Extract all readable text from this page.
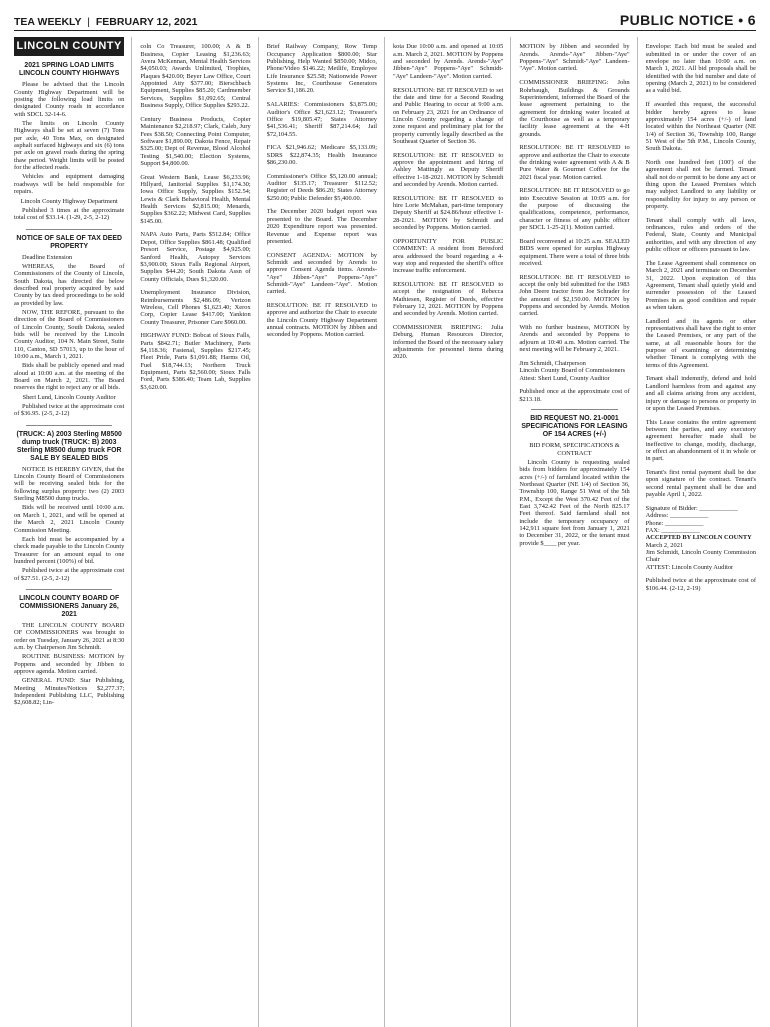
TEA WEEKLY | FEBRUARY 12, 2021	PUBLIC NOTICE • 6
LINCOLN COUNTY
2021 SPRING LOAD LIMITS LINCOLN COUNTY HIGHWAYS

Please be advised that the Lincoln County Highway Department will be posting the following load limits on designated County roads in accordance with SDCL 32-14-6.

The limits on Lincoln County Highways shall be set at seven (7) Tons per axle, 40 Tons Max, on designated asphalt surfaced highways and six (6) tons per axle on gravel roads during the spring thaw period. Weight limits will be posted for the affected roads.

Vehicles and equipment damaging roadways will be held responsible for repairs.

Lincoln County Highway Department

Published 3 times at the approximate total cost of $33.14. (1-29, 2-5, 2-12)

NOTICE OF SALE OF TAX DEED PROPERTY

Deadline Extension

WHEREAS, the Board of Commissioners of the County of Lincoln, South Dakota, has directed the below described real property acquired by said County by tax deed proceedings to be sold as provided by law.

NOW, THE REFORE, pursuant to the direction of the Board of Commissioners of Lincoln County, South Dakota, sealed bids will be received by the Lincoln County Auditor, 104 N. Main Street, Suite 110, Canton, SD 57013, up to the hour of 10:00 a.m., March 1, 2021.

Bids shall be publicly opened and read aloud at 10:00 a.m. at the meeting of the Board on March 2, 2021. The Board reserves the right to reject any or all bids.

Sheri Lund, Lincoln County Auditor

Published twice at the approximate cost of $36.95. (2-5, 2-12)

(TRUCK: A) 2003 Sterling M8500 dump truck (TRUCK: B) 2003 Sterling M8500 dump truck FOR SALE BY SEALED BIDS

NOTICE IS HEREBY GIVEN, that the Lincoln County Board of Commissioners will be receiving sealed bids for the following surplus property: two (2) 2003 Sterling M8500 dump trucks.

Bids will be received until 10:00 a.m. on March 1, 2021, and will be opened at the March 2, 2021 Lincoln County Commission Meeting.

Each bid must be accompanied by a check made payable to the Lincoln County Treasurer for an amount equal to one hundred percent (100%) of bid.

Published twice at the approximate cost of $27.51. (2-5, 2-12)

LINCOLN COUNTY BOARD OF COMMISSIONERS January 26, 2021

THE LINCOLN COUNTY BOARD OF COMMISSIONERS was brought to order on Tuesday, January 26, 2021 at 8:30 a.m. by Chairperson Jim Schmidt.

ROUTINE BUSINESS: MOTION by Poppens and seconded by Jibben to approve agenda. Motion carried.

GENERAL FUND: Star Publishing, Meeting Minutes/Notices $2,277.37; Independent Publishing LLC, Publishing $2,608.82; Lin-

coln Co Treasurer, 100.00; A & B Business, Copier Leasing $1,236.63; Avera McKennan, Mental Health Services $4,050.03; Awards Unlimited, Trophies, Plaques $420.00; Beyer Law Office, Court Appointed Atty $377.00; Bierschbach Equipment, Supplies $85.20; Cardmember Services, Supplies $1,092.65; Central Business Supply, Office Supplies $293.22.

Century Business Products, Copier Maintenance $2,218.97; Clark, Caleb, Jury Fees $38.50; Connecting Point Computer, Software $1,890.00; Dakota Fence, Repair $325.00; Dept of Revenue, Blood Alcohol Testing $1,540.00; Election Systems, Support $4,800.00.

Great Western Bank, Lease $6,233.96; Hillyard, Janitorial Supplies $1,174.30; Iowa Office Supply, Supplies $152.54; Lewis & Clark Behavioral Health, Mental Health Services $2,815.00; Menards, Supplies $362.22; Midwest Card, Supplies $145.00.

NAPA Auto Parts, Parts $512.84; Office Depot, Office Supplies $861.48; Qualified Presort Service, Postage $4,925.00; Sanford Health, Autopsy Services $3,900.00; Sioux Falls Regional Airport, Supplies $44.20; South Dakota Assn of County Officials, Dues $1,320.00.

Unemployment Insurance Division, Reimbursements $2,486.09; Verizon Wireless, Cell Phones $1,623.40; Xerox Corp, Copier Lease $417.00; Yankton County Treasurer, Prisoner Care $960.00.

HIGHWAY FUND: Bobcat of Sioux Falls, Parts $842.71; Butler Machinery, Parts $4,118.36; Fastenal, Supplies $217.45; Fleet Pride, Parts $1,091.88; Harms Oil, Fuel $18,744.13; Northern Truck Equipment, Parts $2,560.00; Sioux Falls Ford, Parts $386.40; Team Lab, Supplies $3,620.00.

Brief Railway Company, Row Temp Occupancy Application $800.00; Star Publishing, Help Wanted $850.00; Midco, Phone/Video $146.22; Metlife, Employee Life Insurance $25.58; Nationwide Power Systems Inc, Courthouse Generators Service $1,186.20.

SALARIES: Commissioners $3,875.00; Auditor's Office $21,623.12; Treasurer's Office $19,805.47; States Attorney $41,536.41; Sheriff $87,214.64; Jail $72,104.55.

FICA $21,946.62; Medicare $5,133.09; SDRS $22,874.35; Health Insurance $86,230.00.

Commissioner's Office $5,120.00 annual; Auditor $135.17; Treasurer $112.52; Register of Deeds $86.20; States Attorney $250.00; Public Defender $5,400.00.

The December 2020 budget report was presented to the Board. The December 2020 Expenditure report was presented. Revenue and Expense report was presented.

CONSENT AGENDA: MOTION by Schmidt and seconded by Arends to approve Consent Agenda items. Arends-"Aye" Jibben-"Aye" Poppens-"Aye" Schmidt-"Aye" Landeen-"Aye". Motion carried.

RESOLUTION: BE IT RESOLVED to approve and authorize the Chair to execute the Lincoln County Highway Department annual contracts. MOTION by Jibben and seconded by Poppens. Motion carried.

kota Due 10:00 a.m. and opened at 10:05 a.m. March 2, 2021. MOTION by Poppens and seconded by Arends. Arends-"Aye" Jibben-"Aye" Poppens-"Aye" Schmidt-"Aye" Landeen-"Aye". Motion carried.

RESOLUTION: BE IT RESOLVED to set the date and time for a Second Reading and Public Hearing to occur at 9:00 a.m. on February 23, 2021 for an Ordinance of Lincoln County regarding a change of zone request and preliminary plat for the property currently legally described as the Southeast Quarter of Section 36.

RESOLUTION: BE IT RESOLVED to approve the appointment and hiring of Ashley Mattingly as Deputy Sheriff effective 1-18-2021. MOTION by Schmidt and seconded by Arends. Motion carried.

RESOLUTION: BE IT RESOLVED to hire Lorie McMahan, part-time temporary Deputy Sheriff at $24.86/hour effective 1-28-2021. MOTION by Schmidt and seconded by Poppens. Motion carried.

OPPORTUNITY FOR PUBLIC COMMENT: A resident from Beresford area addressed the board regarding a 4-way stop and requested the sheriff's office increase traffic enforcement.

RESOLUTION: BE IT RESOLVED to accept the resignation of Rebecca Mathiesen, Register of Deeds, effective February 12, 2021. MOTION by Poppens and seconded by Arends. Motion carried.

COMMISSIONER BRIEFING: Julia Deburg, Human Resources Director, informed the Board of the necessary salary adjustments for personnel items during 2020.

MOTION by Jibben and seconded by Arends. Arends-"Aye" Jibben-"Aye" Poppens-"Aye" Schmidt-"Aye" Landeen-"Aye". Motion carried.

COMMISSIONER BRIEFING: John Rohrbaugh, Buildings & Grounds Superintendent, informed the Board of the lease agreement pertaining to the agreement for drinking water located at the Courthouse as well as a temporary facility lease agreement at the 4-H grounds.

RESOLUTION: BE IT RESOLVED to approve and authorize the Chair to execute the drinking water agreement with A & B Pure Water & Gourmet Coffee for the 2021 fiscal year. Motion carried.

RESOLUTION: BE IT RESOLVED to go into Executive Session at 10:05 a.m. for the purpose of discussing the qualifications, competence, performance, character or fitness of any public officer per SDCL 1-25-2(1). Motion carried.

Board reconvened at 10:25 a.m. SEALED BIDS were opened for surplus Highway equipment. There were a total of three bids received.

RESOLUTION: BE IT RESOLVED to accept the only bid submitted for the 1983 John Deere tractor from Joe Schrader for the amount of $2,150.00. MOTION by Poppens and seconded by Arends. Motion carried.

With no further business, MOTION by Arends and seconded by Poppens to adjourn at 10:40 a.m. Motion carried. The next meeting will be February 2, 2021.

Jim Schmidt, Chairperson

Lincoln County Board of Commissioners

Attest: Sheri Lund, County Auditor

Published once at the approximate cost of $213.18.

BID REQUEST NO. 21-0001 SPECIFICATIONS FOR LEASING OF 154 ACRES (+/-)

BID FORM, SPECIFICATIONS & CONTRACT

Lincoln County is requesting sealed bids from bidders for approximately 154 acres (+/-) of farmland located within the Northeast Quarter (NE 1/4) of Section 36, Township 100, Range 51 West of the 5th P.M., Except the West 370.42 Feet of the East 3,742.42 Feet of the North 825.17 Feet thereof. Said farmland shall not include the temporary occupancy of 142,911 square feet from January 1, 2021 to December 31, 2022, or the tenant must provide $____ per year.

Envelope: Each bid must be sealed and submitted in or under the cover of an envelope no later than 10:00 a.m. on March 1, 2021. All bid proposals shall be identified with the bid number and date of opening (March 2, 2021) to be considered as a valid bid.

If awarded this request, the successful bidder hereby agrees to lease approximately 154 acres (+/-) of land located within the Northeast Quarter (NE 1/4) of Section 36, Township 100, Range 51 West of the 5th P.M., Lincoln County, South Dakota.

North one hundred feet (100') of the agreement shall not be farmed. Tenant shall not do or permit to be done any act or thing upon the Leased Premises which may subject Landlord to any liability or responsibility for injury to any person or property.

Tenant shall comply with all laws, ordinances, rules and orders of the Federal, State, County and Municipal authorities, and with any direction of any public officer or officers pursuant to law.

The Lease Agreement shall commence on March 2, 2021 and terminate on December 31, 2022. Upon expiration of this Agreement, Tenant shall quietly yield and surrender possession of the Leased Premises in as good condition and repair as when taken.

Landlord and its agents or other representatives shall have the right to enter the Leased Premises, or any part of the same, at all reasonable hours for the purpose of examining or determining whether Tenant is complying with the terms of this Agreement.

Tenant shall indemnify, defend and hold Landlord harmless from and against any and all claims arising from any accident, injury or damage to persons or property in or upon the Leased Premises.

This Lease contains the entire agreement between the parties, and any executory agreement hereafter made shall be ineffective to change, modify, discharge, or effect an abandonment of it in whole or in part.

Tenant's first rental payment shall be due upon signature of the contract. Tenant's second rental payment shall be due and payable April 1, 2022.

Signature of Bidder: ____________

Address: ____________

Phone: ____________

FAX: ____________

ACCEPTED BY LINCOLN COUNTY

March 2, 2021

Jim Schmidt, Lincoln County Commission Chair

ATTEST: Lincoln County Auditor

Published twice at the approximate cost of $106.44. (2-12, 2-19)
